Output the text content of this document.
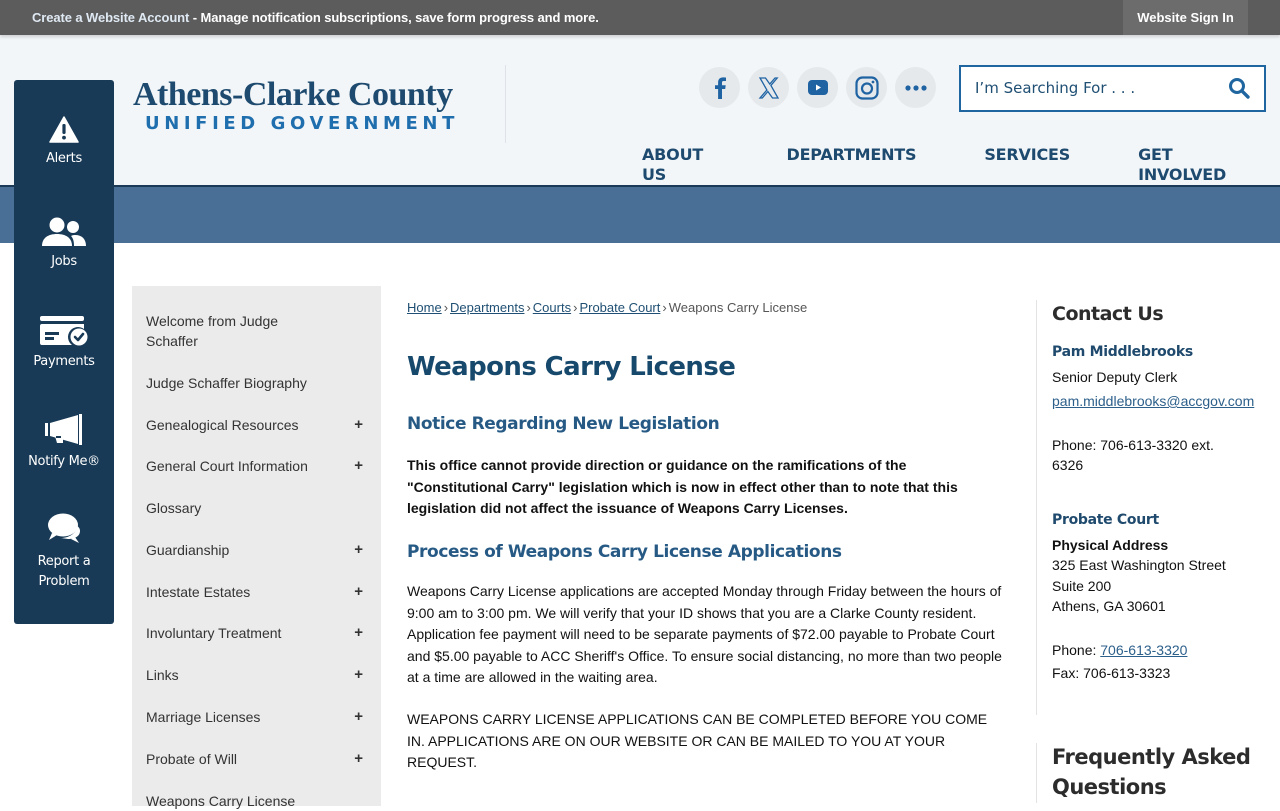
Create a Website Account - Manage notification subscriptions, save form progress and more.	Website Sign In
Athens-Clarke County
UNIFIED GOVERNMENT
I’m Searching For . . .
ABOUT US
DEPARTMENTS	SERVICES	GET INVOLVED
Alerts
Jobs
Payments
Notify Me®
Report a Problem
Welcome from Judge Schaffer
Judge Schaffer Biography
Genealogical Resources	+
General Court Information	+
Glossary
Guardianship	+
Intestate Estates	+
Involuntary Treatment	+
Links	+
Marriage Licenses	+
Probate of Will	+
Weapons Carry License
Home › Departments › Courts › Probate Court › Weapons Carry License
Weapons Carry License
Notice Regarding New Legislation

This office cannot provide direction or guidance on the ramifications of the "Constitutional Carry" legislation which is now in effect other than to note that this legislation did not affect the issuance of Weapons Carry Licenses.

Process of Weapons Carry License Applications

Weapons Carry License applications are accepted Monday through Friday between the hours of 9:00 am to 3:00 pm. We will verify that your ID shows that you are a Clarke County resident. Application fee payment will need to be separate payments of $72.00 payable to Probate Court and $5.00 payable to ACC Sheriff's Office. To ensure social distancing, no more than two people at a time are allowed in the waiting area.

WEAPONS CARRY LICENSE APPLICATIONS CAN BE COMPLETED BEFORE YOU COME IN. APPLICATIONS ARE ON OUR WEBSITE OR CAN BE MAILED TO YOU AT YOUR REQUEST.

Contact Us
Pam Middlebrooks
Senior Deputy Clerk
pam.middlebrooks@accgov.com
Phone: 706-613-3320 ext. 6326
Probate Court
Physical Address
325 East Washington Street
Suite 200
Athens, GA 30601
Phone: 706-613-3320
Fax: 706-613-3323
Frequently Asked
Questions
